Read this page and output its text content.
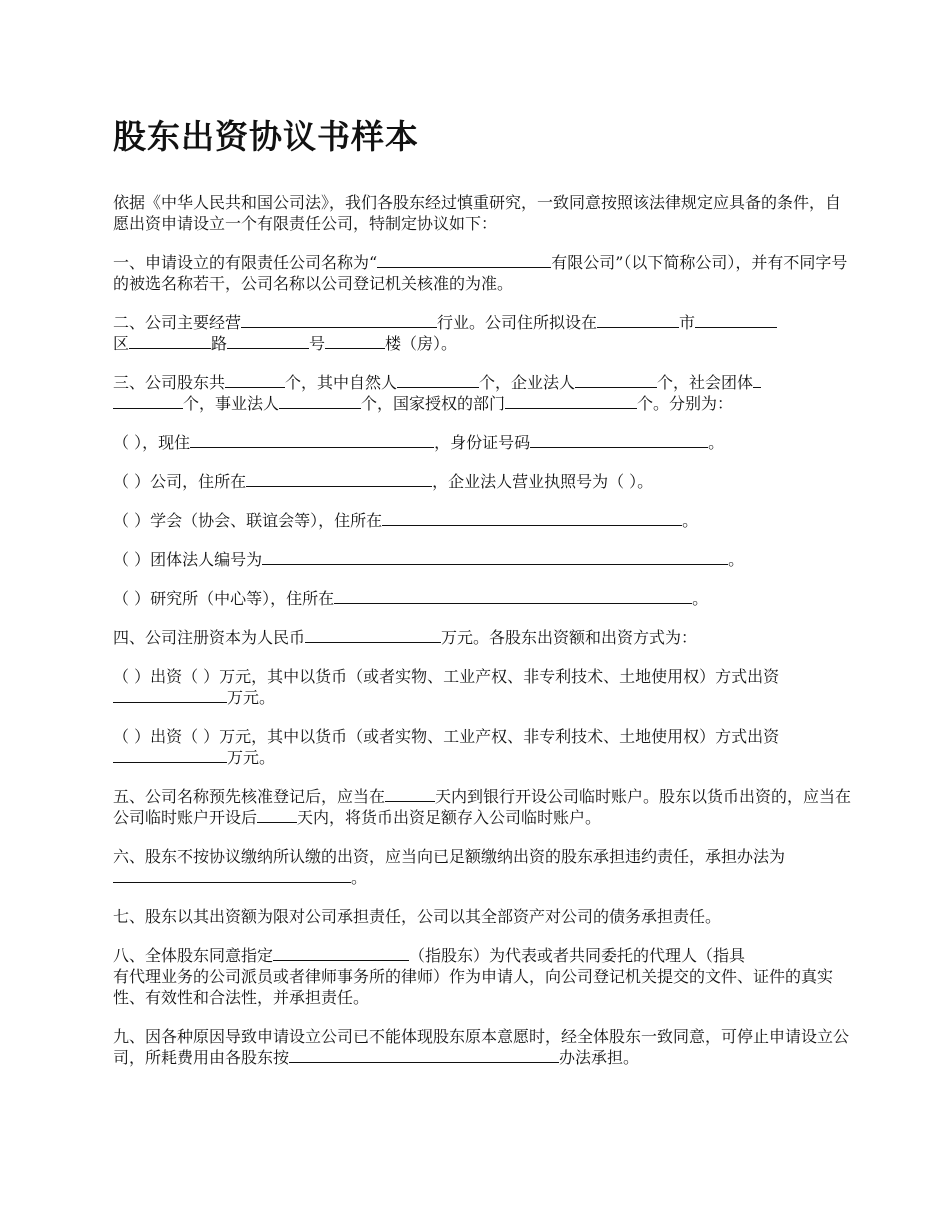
股东出资协议书样本

依据《中华人民共和国公司法》，我们各股东经过慎重研究，一致同意按照该法律规定应具备的条件，自愿出资申请设立一个有限责任公司，特制定协议如下：

一、申请设立的有限责任公司名称为“	有限公司”（以下简称公司），并有不同字号的被选名称若干，公司名称以公司登记机关核准的为准。

二、公司主要经营	行业。公司住所拟设在	市
区	路	号	楼（房）。

三、公司股东共	个，其中自然人	个，企业法人	个，社会团体
个，事业法人	个，国家授权的部门	个。分别为：

（ ），现住	，身份证号码	。

（ ）公司，住所在	，企业法人营业执照号为（ ）。

（ ）学会（协会、联谊会等），住所在	。

（ ）团体法人编号为	。

（ ）研究所（中心等），住所在	。

四、公司注册资本为人民币	万元。各股东出资额和出资方式为：

（ ）出资（ ）万元，其中以货币（或者实物、工业产权、非专利技术、土地使用权）方式出资万元。

（ ）出资（ ）万元，其中以货币（或者实物、工业产权、非专利技术、土地使用权）方式出资万元。

五、公司名称预先核准登记后，应当在	天内到银行开设公司临时账户。股东以货币出资的，应当在公司临时账户开设后	天内，将货币出资足额存入公司临时账户。

六、股东不按协议缴纳所认缴的出资，应当向已足额缴纳出资的股东承担违约责任，承担办法为。

七、股东以其出资额为限对公司承担责任，公司以其全部资产对公司的债务承担责任。

八、全体股东同意指定	（指股东）为代表或者共同委托的代理人（指具
有代理业务的公司派员或者律师事务所的律师）作为申请人，向公司登记机关提交的文件、证件的真实性、有效性和合法性，并承担责任。

九、因各种原因导致申请设立公司已不能体现股东原本意愿时，经全体股东一致同意，可停止申请设立公司，所耗费用由各股东按	办法承担。
